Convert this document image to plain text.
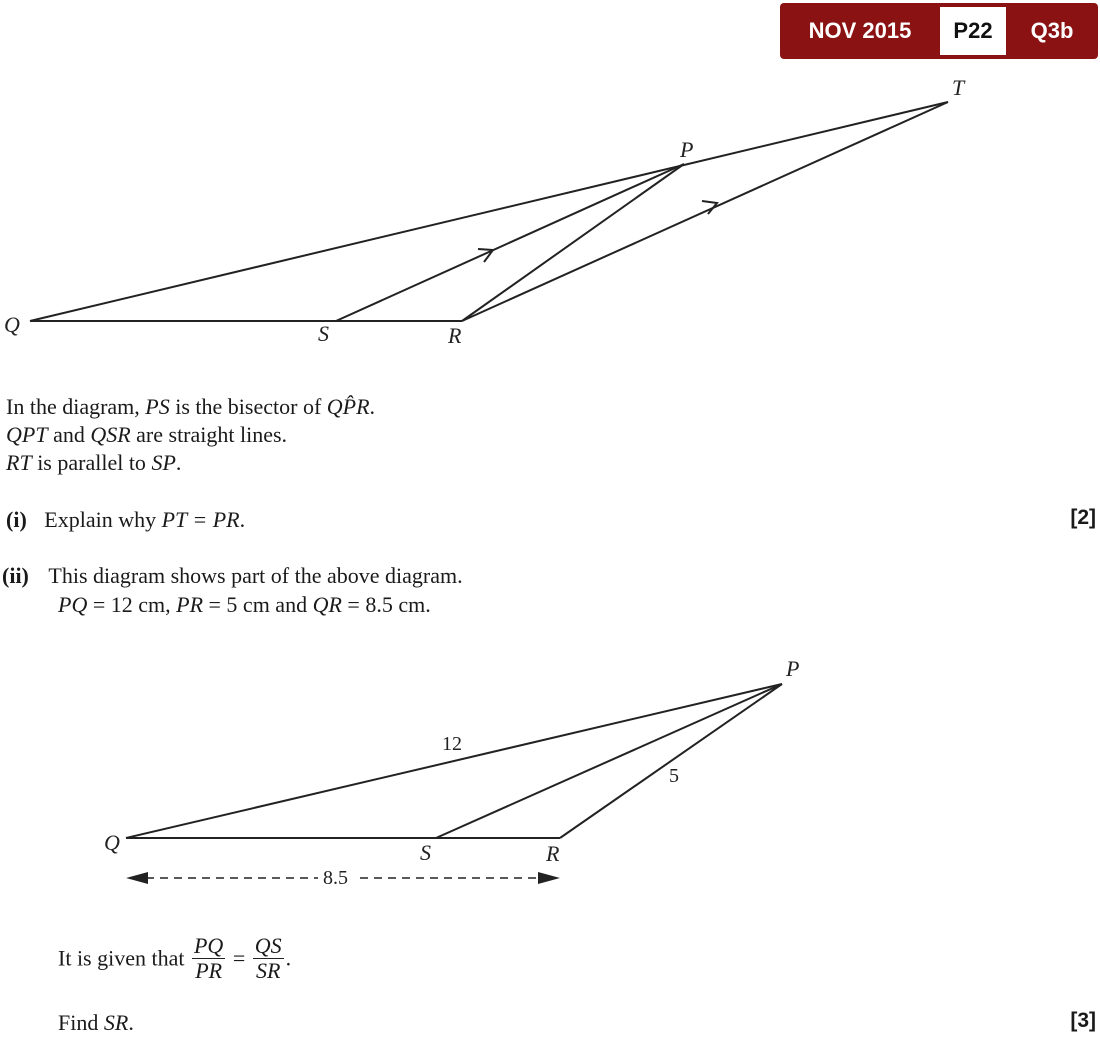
NOV 2015	P22	Q3b
Q	S	R
P
T
Q	S	R
P
12
5
8.5
In the diagram, PS is the bisector of QP̂R.
QPT and QSR are straight lines.
RT is parallel to SP.
(i) Explain why PT = PR.	[2]
(ii) This diagram shows part of the above diagram.
PQ = 12 cm, PR = 5 cm and QR = 8.5 cm.
It is given that $\frac{PQ}{PR} = \frac{QS}{SR}$ .
Find SR.	[3]
